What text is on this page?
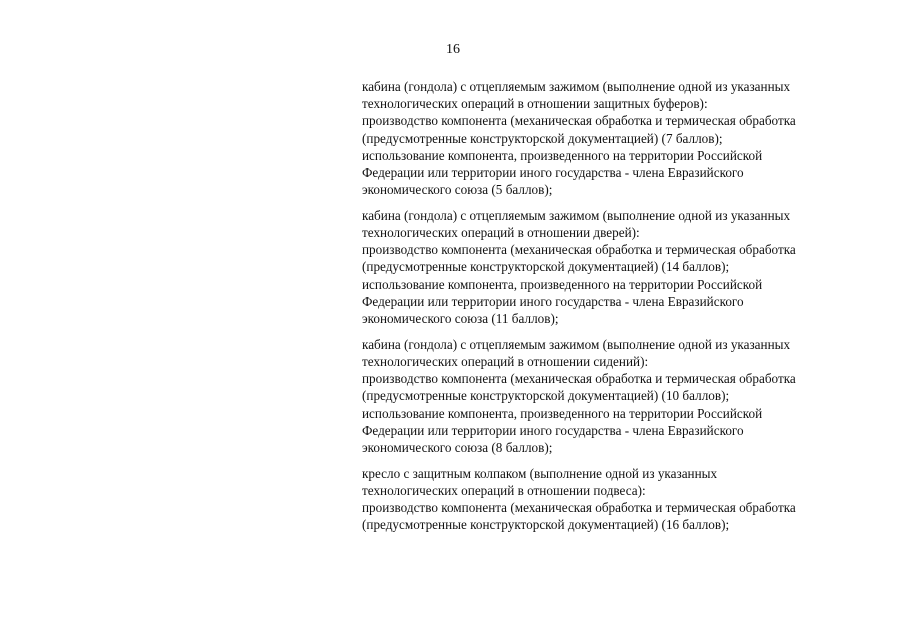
16
кабина (гондола) с отцепляемым зажимом (выполнение одной из указанных
технологических операций в отношении защитных буферов):
производство компонента (механическая обработка и термическая обработка
(предусмотренные конструкторской документацией) (7 баллов);
использование компонента, произведенного на территории Российской
Федерации или территории иного государства - члена Евразийского
экономического союза (5 баллов);
кабина (гондола) с отцепляемым зажимом (выполнение одной из указанных
технологических операций в отношении дверей):
производство компонента (механическая обработка и термическая обработка
(предусмотренные конструкторской документацией) (14 баллов);
использование компонента, произведенного на территории Российской
Федерации или территории иного государства - члена Евразийского
экономического союза (11 баллов);
кабина (гондола) с отцепляемым зажимом (выполнение одной из указанных
технологических операций в отношении сидений):
производство компонента (механическая обработка и термическая обработка
(предусмотренные конструкторской документацией) (10 баллов);
использование компонента, произведенного на территории Российской
Федерации или территории иного государства - члена Евразийского
экономического союза (8 баллов);
кресло с защитным колпаком (выполнение одной из указанных
технологических операций в отношении подвеса):
производство компонента (механическая обработка и термическая обработка
(предусмотренные конструкторской документацией) (16 баллов);
